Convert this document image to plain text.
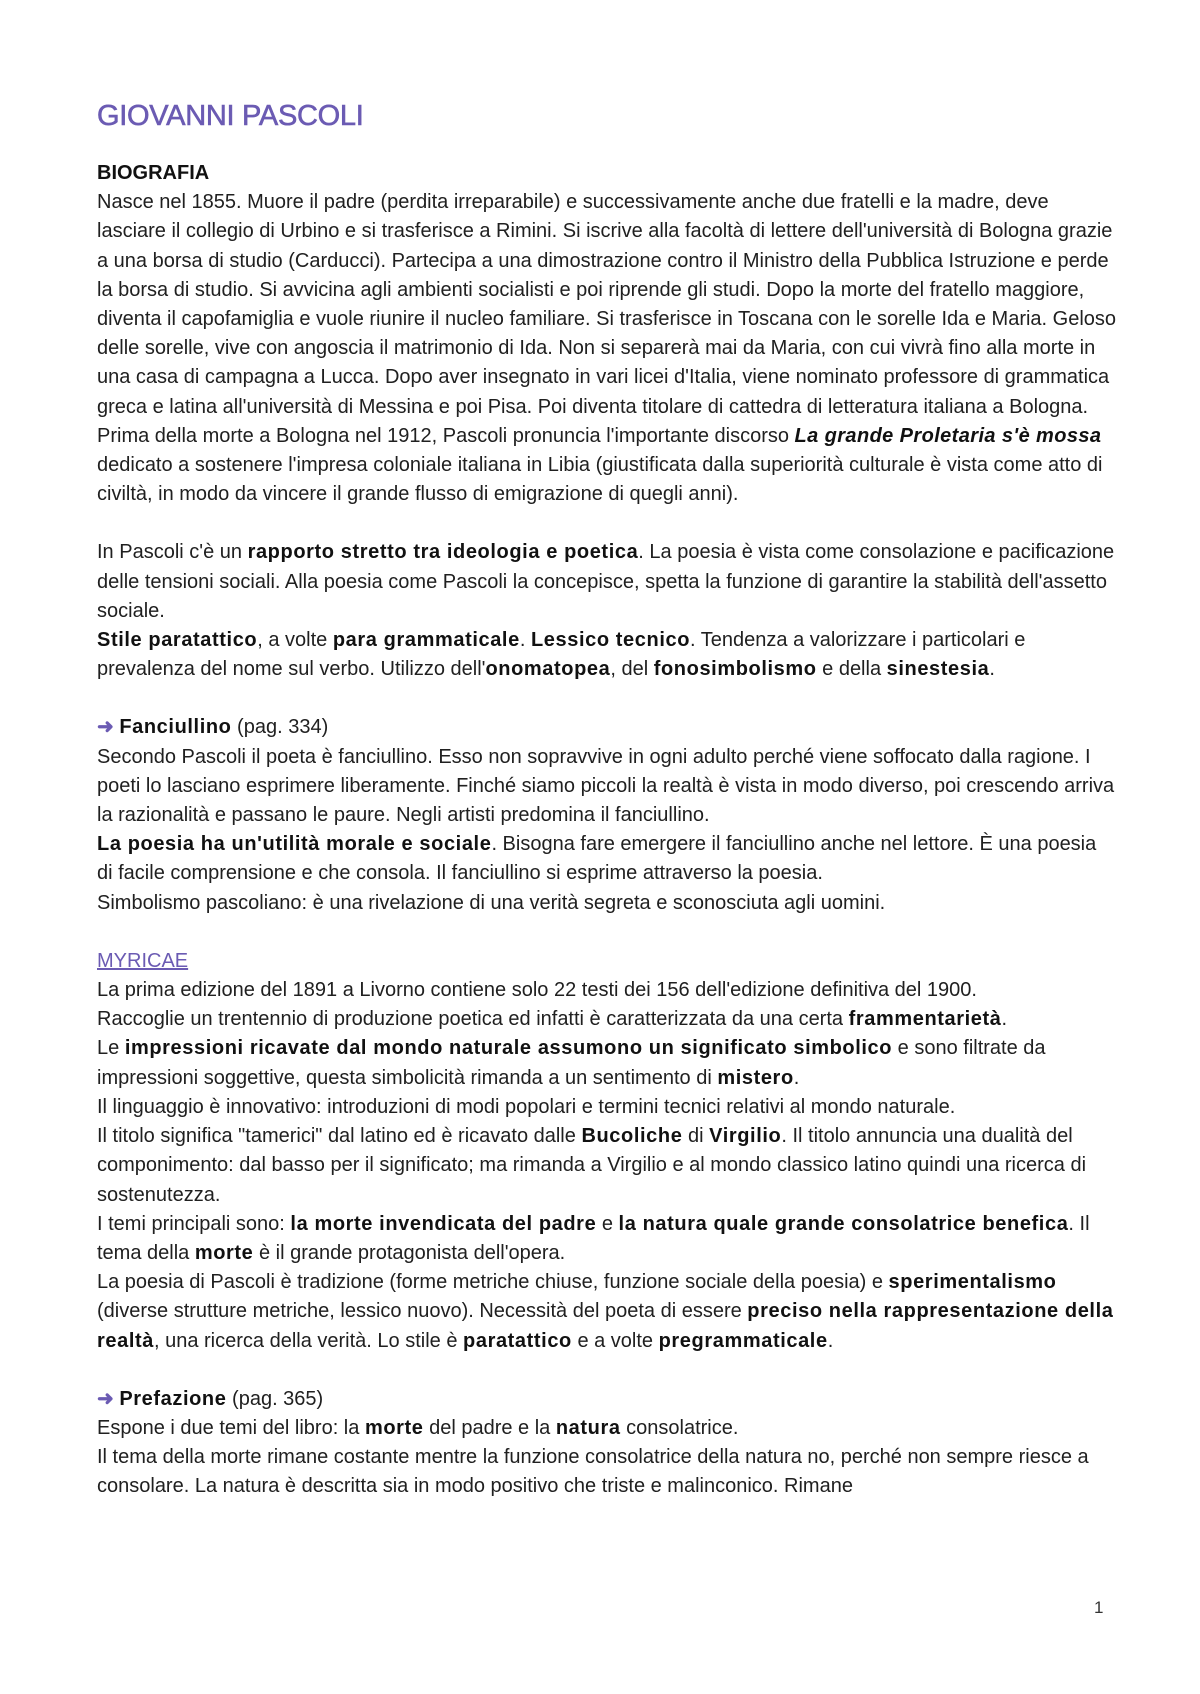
GIOVANNI PASCOLI
BIOGRAFIA

Nasce nel 1855. Muore il padre (perdita irreparabile) e successivamente anche due fratelli e la madre, deve lasciare il collegio di Urbino e si trasferisce a Rimini. Si iscrive alla facoltà di lettere dell'università di Bologna grazie a una borsa di studio (Carducci). Partecipa a una dimostrazione contro il Ministro della Pubblica Istruzione e perde la borsa di studio. Si avvicina agli ambienti socialisti e poi riprende gli studi. Dopo la morte del fratello maggiore, diventa il capofamiglia e vuole riunire il nucleo familiare. Si trasferisce in Toscana con le sorelle Ida e Maria. Geloso delle sorelle, vive con angoscia il matrimonio di Ida. Non si separerà mai da Maria, con cui vivrà fino alla morte in una casa di campagna a Lucca. Dopo aver insegnato in vari licei d'Italia, viene nominato professore di grammatica greca e latina all'università di Messina e poi Pisa. Poi diventa titolare di cattedra di letteratura italiana a Bologna. Prima della morte a Bologna nel 1912, Pascoli pronuncia l'importante discorso La grande Proletaria s'è mossa dedicato a sostenere l'impresa coloniale italiana in Libia (giustificata dalla superiorità culturale è vista come atto di civiltà, in modo da vincere il grande flusso di emigrazione di quegli anni).

In Pascoli c'è un rapporto stretto tra ideologia e poetica. La poesia è vista come consolazione e pacificazione delle tensioni sociali. Alla poesia come Pascoli la concepisce, spetta la funzione di garantire la stabilità dell'assetto sociale.

Stile paratattico, a volte para grammaticale. Lessico tecnico. Tendenza a valorizzare i particolari e prevalenza del nome sul verbo. Utilizzo dell'onomatopea, del fonosimbolismo e della sinestesia.

➜ Fanciullino (pag. 334)

Secondo Pascoli il poeta è fanciullino. Esso non sopravvive in ogni adulto perché viene soffocato dalla ragione. I poeti lo lasciano esprimere liberamente. Finché siamo piccoli la realtà è vista in modo diverso, poi crescendo arriva la razionalità e passano le paure. Negli artisti predomina il fanciullino.
La poesia ha un'utilità morale e sociale. Bisogna fare emergere il fanciullino anche nel lettore. È una poesia di facile comprensione e che consola. Il fanciullino si esprime attraverso la poesia.
Simbolismo pascoliano: è una rivelazione di una verità segreta e sconosciuta agli uomini.

MYRICAE

La prima edizione del 1891 a Livorno contiene solo 22 testi dei 156 dell'edizione definitiva del 1900.

Raccoglie un trentennio di produzione poetica ed infatti è caratterizzata da una certa frammentarietà.

Le impressioni ricavate dal mondo naturale assumono un significato simbolico e sono filtrate da impressioni soggettive, questa simbolicità rimanda a un sentimento di mistero.

Il linguaggio è innovativo: introduzioni di modi popolari e termini tecnici relativi al mondo naturale.

Il titolo significa "tamerici" dal latino ed è ricavato dalle Bucoliche di Virgilio. Il titolo annuncia una dualità del componimento: dal basso per il significato; ma rimanda a Virgilio e al mondo classico latino quindi una ricerca di sostenutezza.

I temi principali sono: la morte invendicata del padre e la natura quale grande consolatrice benefica. Il tema della morte è il grande protagonista dell'opera.

La poesia di Pascoli è tradizione (forme metriche chiuse, funzione sociale della poesia) e sperimentalismo (diverse strutture metriche, lessico nuovo). Necessità del poeta di essere preciso nella rappresentazione della realtà, una ricerca della verità. Lo stile è paratattico e a volte pregrammaticale.

➜ Prefazione (pag. 365)

Espone i due temi del libro: la morte del padre e la natura consolatrice.

Il tema della morte rimane costante mentre la funzione consolatrice della natura no, perché non sempre riesce a consolare. La natura è descritta sia in modo positivo che triste e malinconico. Rimane

1
